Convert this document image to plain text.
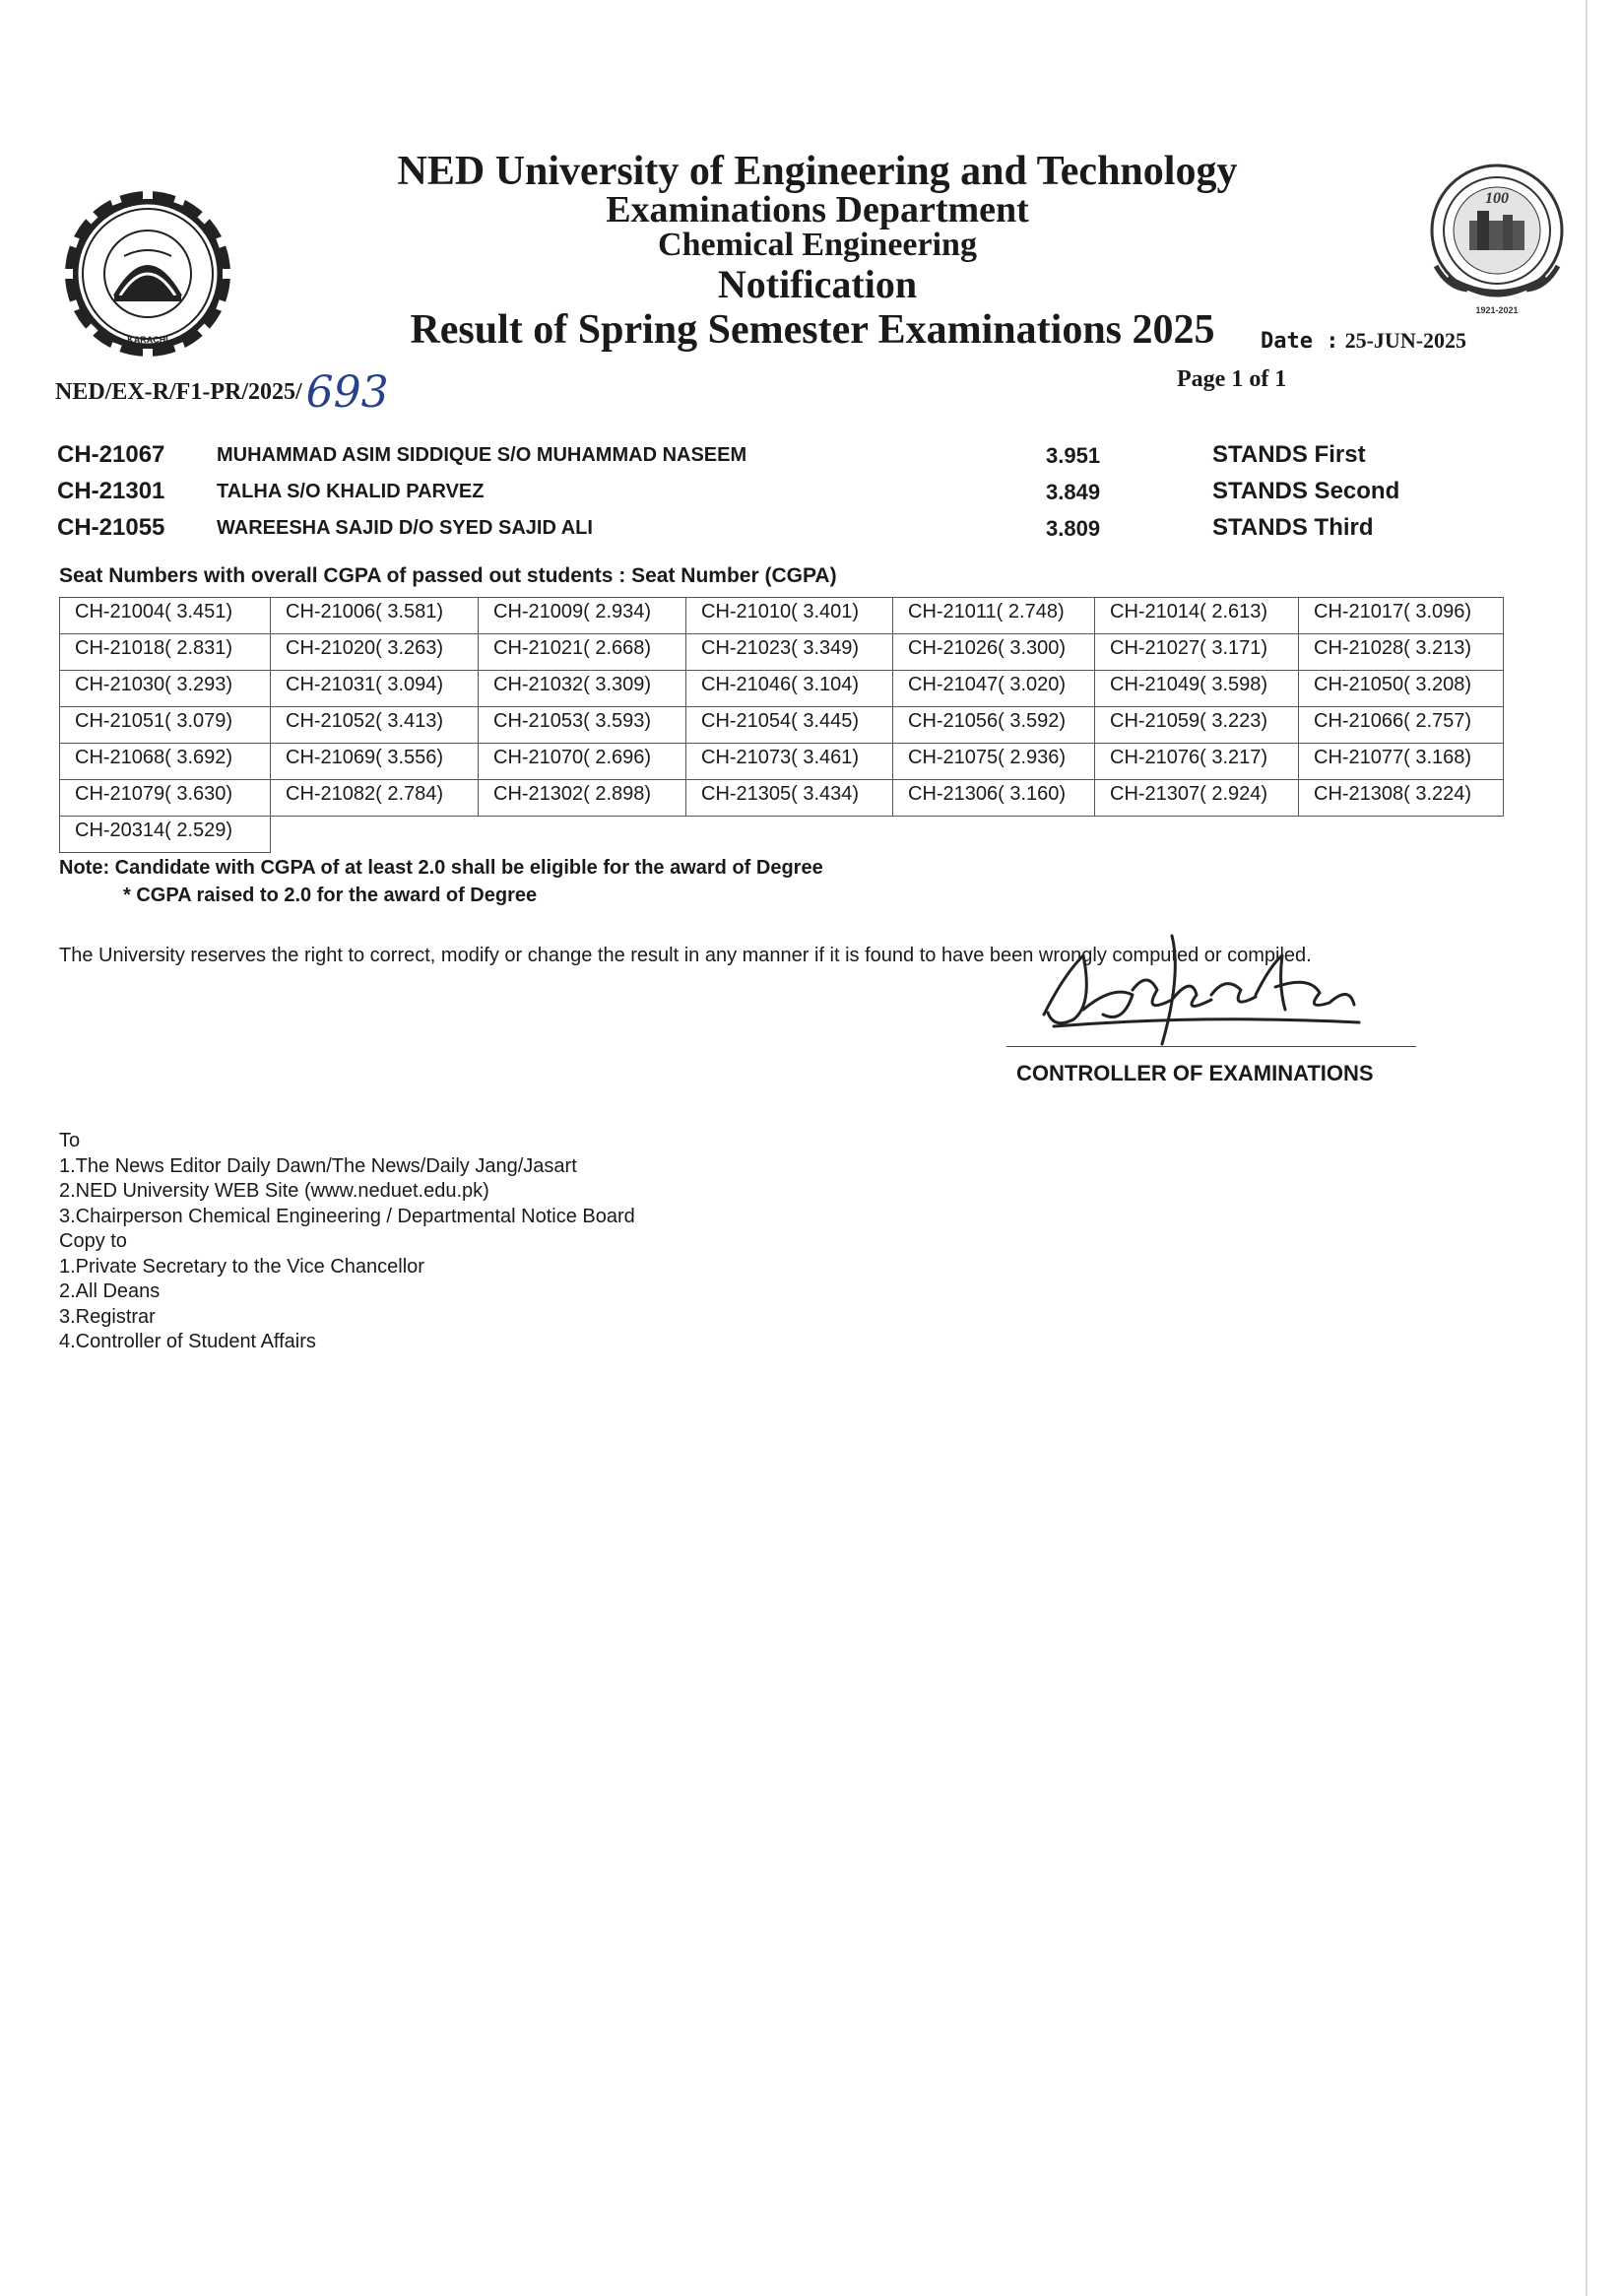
KARACHI
100
1921-2021
NED University of Engineering and Technology
Examinations Department
Chemical Engineering
Notification
Result of Spring Semester Examinations 2025	Date : 25-JUN-2025
NED/EX-R/F1-PR/2025/693	Page 1 of 1
CH-21067	MUHAMMAD ASIM SIDDIQUE S/O MUHAMMAD NASEEM	3.951	STANDS First
CH-21301	TALHA S/O KHALID PARVEZ	3.849	STANDS Second
CH-21055	WAREESHA SAJID D/O SYED SAJID ALI	3.809	STANDS Third
Seat Numbers with overall CGPA of passed out students : Seat Number (CGPA)
CH-21004( 3.451)	CH-21006( 3.581)	CH-21009( 2.934)	CH-21010( 3.401)	CH-21011( 2.748)	CH-21014( 2.613)	CH-21017( 3.096)
CH-21018( 2.831)	CH-21020( 3.263)	CH-21021( 2.668)	CH-21023( 3.349)	CH-21026( 3.300)	CH-21027( 3.171)	CH-21028( 3.213)
CH-21030( 3.293)	CH-21031( 3.094)	CH-21032( 3.309)	CH-21046( 3.104)	CH-21047( 3.020)	CH-21049( 3.598)	CH-21050( 3.208)
CH-21051( 3.079)	CH-21052( 3.413)	CH-21053( 3.593)	CH-21054( 3.445)	CH-21056( 3.592)	CH-21059( 3.223)	CH-21066( 2.757)
CH-21068( 3.692)	CH-21069( 3.556)	CH-21070( 2.696)	CH-21073( 3.461)	CH-21075( 2.936)	CH-21076( 3.217)	CH-21077( 3.168)
CH-21079( 3.630)	CH-21082( 2.784)	CH-21302( 2.898)	CH-21305( 3.434)	CH-21306( 3.160)	CH-21307( 2.924)	CH-21308( 3.224)
CH-20314( 2.529)						
Note: Candidate with CGPA of at least 2.0 shall be eligible for the award of Degree
* CGPA raised to 2.0 for the award of Degree
The University reserves the right to correct, modify or change the result in any manner if it is found to have been wrongly computed or compiled.
CONTROLLER OF EXAMINATIONS
To
1.The News Editor Daily Dawn/The News/Daily Jang/Jasart
2.NED University WEB Site (www.neduet.edu.pk)
3.Chairperson Chemical Engineering / Departmental Notice Board
Copy to
1.Private Secretary to the Vice Chancellor
2.All Deans
3.Registrar
4.Controller of Student Affairs
